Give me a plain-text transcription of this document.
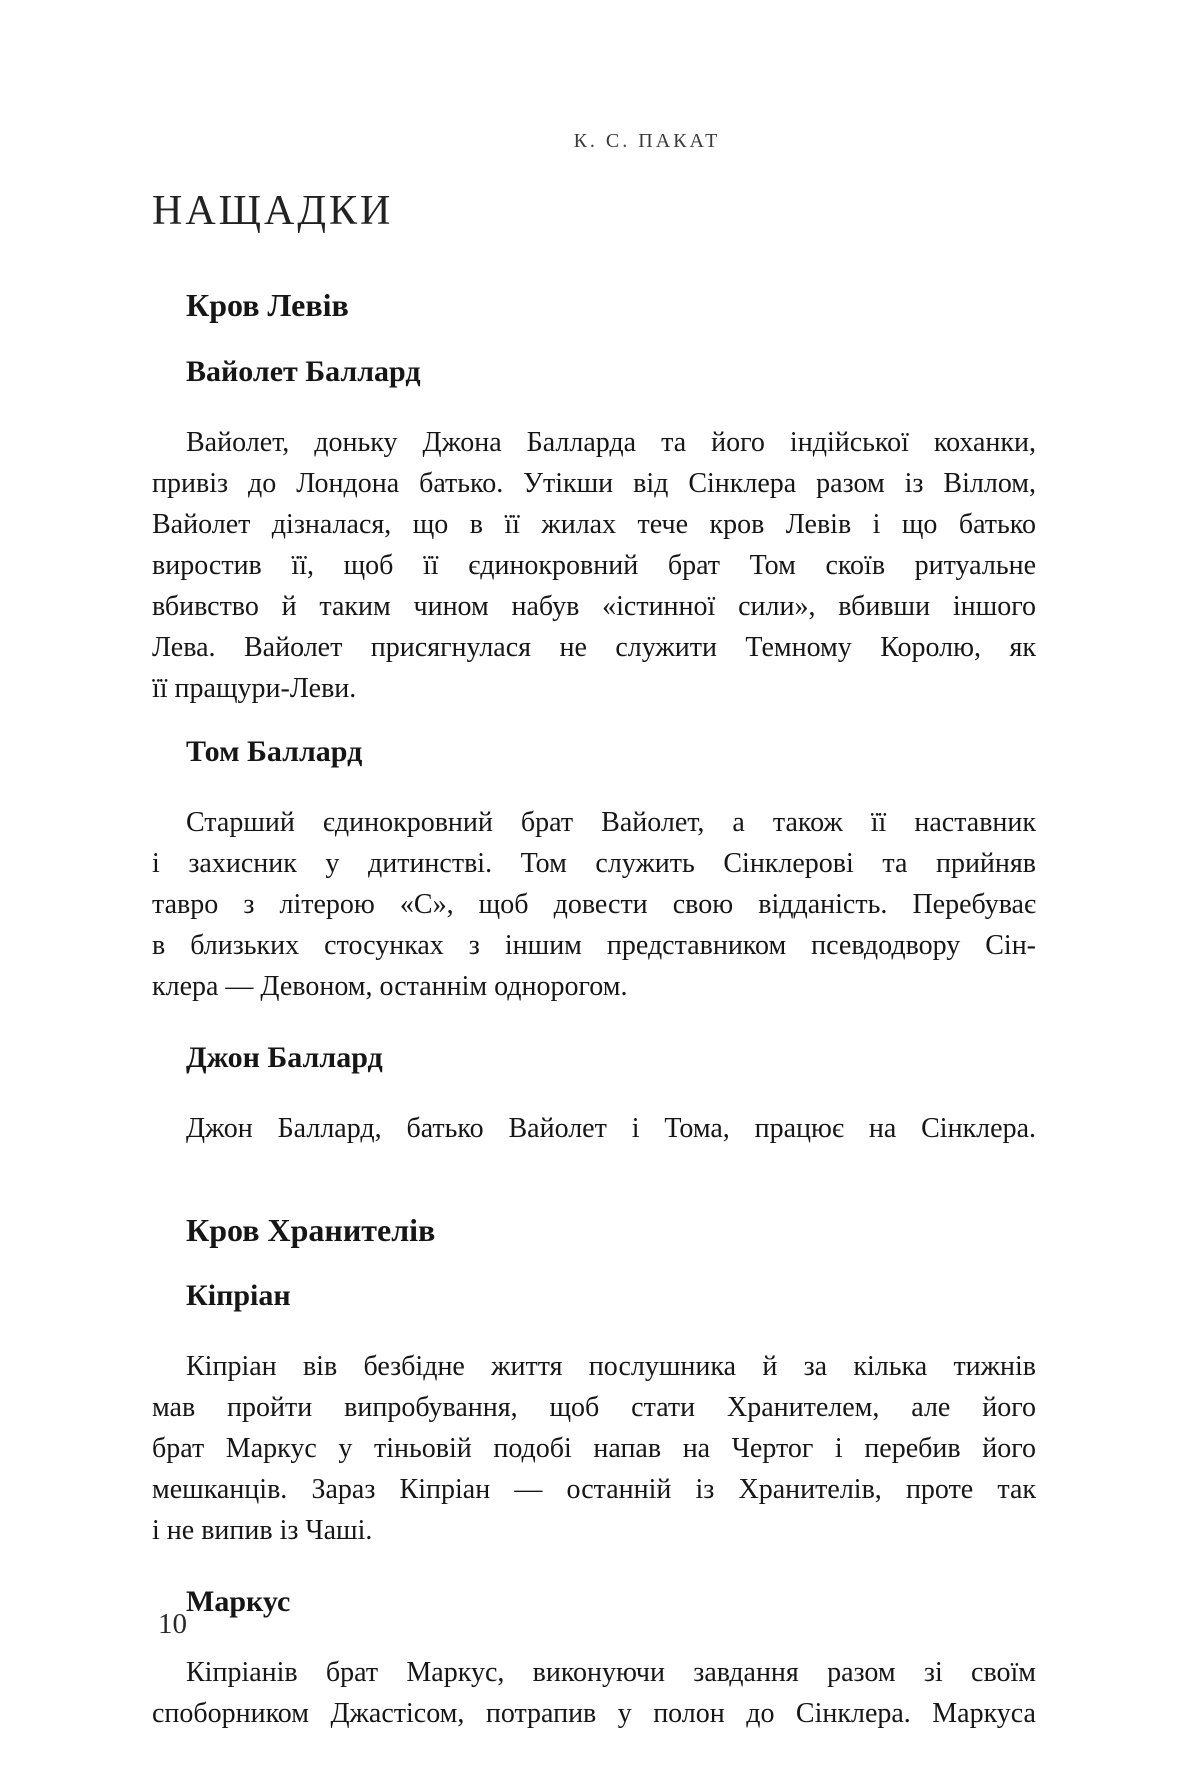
К. С. ПАКАТ
НАЩАДКИ
Кров Левів
Вайолет Баллард
Вайолет, доньку Джона Балларда та його індійської коханки,
привіз до Лондона батько. Утікши від Сінклера разом із Віллом,
Вайолет дізналася, що в її жилах тече кров Левів і що батько
виростив її, щоб її єдинокровний брат Том скоїв ритуальне
вбивство й таким чином набув «істинної сили», вбивши іншого
Лева. Вайолет присягнулася не служити Темному Королю, як
її пращури-Леви.
Том Баллард
Старший єдинокровний брат Вайолет, а також її наставник
і захисник у дитинстві. Том служить Сінклерові та прийняв
тавро з літерою «С», щоб довести свою відданість. Перебуває
в близьких стосунках з іншим представником псевдодвору Сін-
клера — Девоном, останнім однорогом.
Джон Баллард
Джон Баллард, батько Вайолет і Тома, працює на Сінклера.
Кров Хранителів
Кіпріан
Кіпріан вів безбідне життя послушника й за кілька тижнів
мав пройти випробування, щоб стати Хранителем, але його
брат Маркус у тіньовій подобі напав на Чертог і перебив його
мешканців. Зараз Кіпріан — останній із Хранителів, проте так
і не випив із Чаші.
Маркус
Кіпріанів брат Маркус, виконуючи завдання разом зі своїм
споборником Джастісом, потрапив у полон до Сінклера. Маркуса
10
